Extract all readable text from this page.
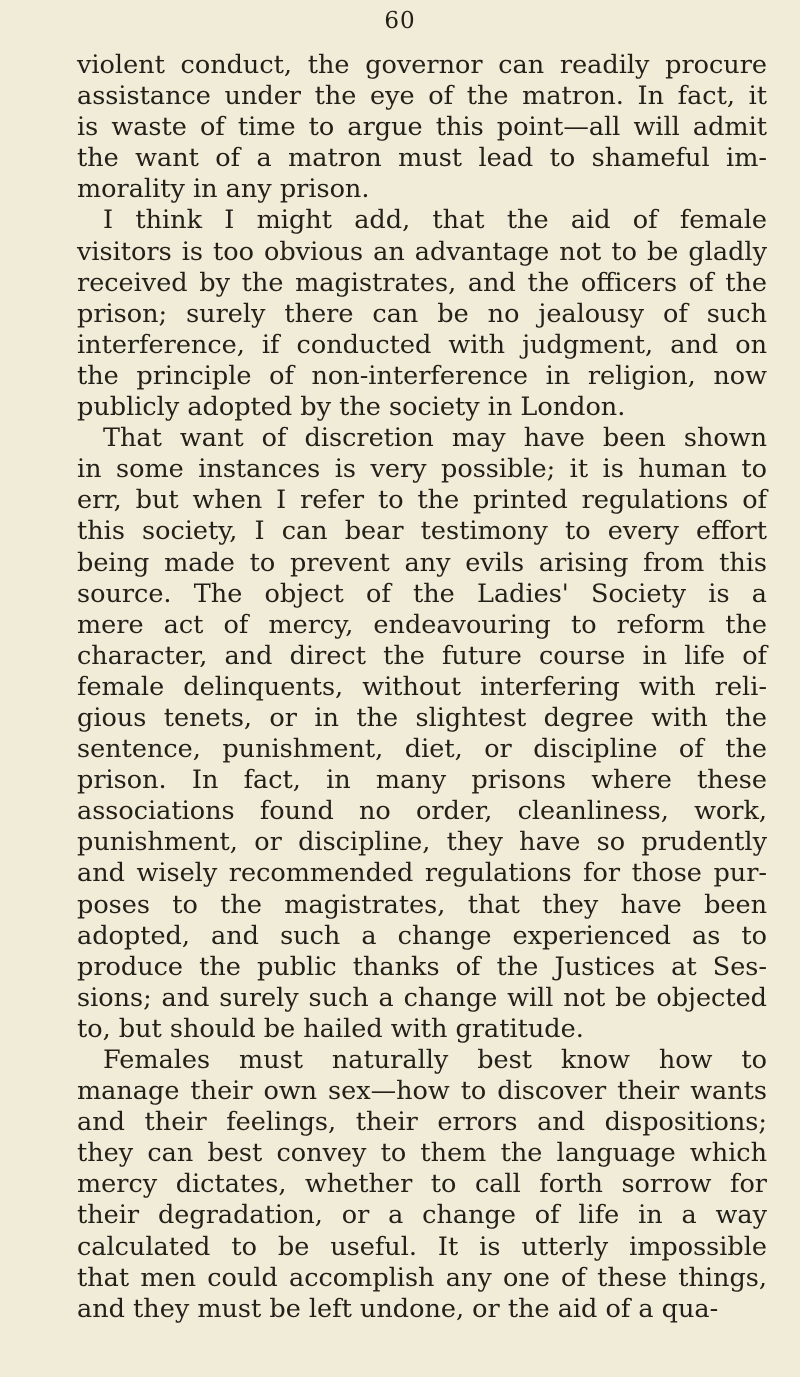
60
violent conduct, the governor can readily procure
assistance under the eye of the matron. In fact, it
is waste of time to argue this point—all will admit
the want of a matron must lead to shameful im-
morality in any prison.
I think I might add, that the aid of female
visitors is too obvious an advantage not to be gladly
received by the magistrates, and the officers of the
prison; surely there can be no jealousy of such
interference, if conducted with judgment, and on
the principle of non-interference in religion, now
publicly adopted by the society in London.
That want of discretion may have been shown
in some instances is very possible; it is human to
err, but when I refer to the printed regulations of
this society, I can bear testimony to every effort
being made to prevent any evils arising from this
source. The object of the Ladies' Society is a
mere act of mercy, endeavouring to reform the
character, and direct the future course in life of
female delinquents, without interfering with reli-
gious tenets, or in the slightest degree with the
sentence, punishment, diet, or discipline of the
prison. In fact, in many prisons where these
associations found no order, cleanliness, work,
punishment, or discipline, they have so prudently
and wisely recommended regulations for those pur-
poses to the magistrates, that they have been
adopted, and such a change experienced as to
produce the public thanks of the Justices at Ses-
sions; and surely such a change will not be objected
to, but should be hailed with gratitude.
Females must naturally best know how to
manage their own sex—how to discover their wants
and their feelings, their errors and dispositions;
they can best convey to them the language which
mercy dictates, whether to call forth sorrow for
their degradation, or a change of life in a way
calculated to be useful. It is utterly impossible
that men could accomplish any one of these things,
and they must be left undone, or the aid of a qua-
